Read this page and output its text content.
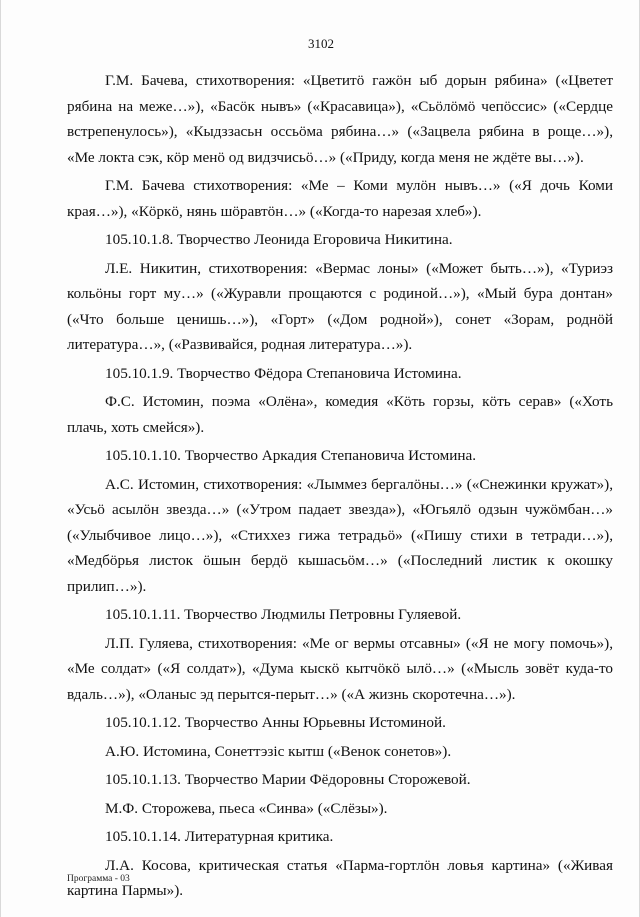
3102

Г.М. Бачева, стихотворения: «Цветитӧ гажӧн ыб дорын рябина» («Цветет рябина на меже…»), «Басӧк нывъ» («Красавица»), «Сьӧлӧмӧ чепӧссис» («Сердце встрепенулось»), «Кыдззасьн оссьӧма рябина…» («Зацвела рябина в роще…»), «Ме локта сэк, кӧр менӧ од видзчисьӧ…» («Приду, когда меня не ждёте вы…»).

Г.М. Бачева стихотворения: «Ме – Коми мулӧн нывъ…» («Я дочь Коми края…»), «Кӧркӧ, нянь шӧравтӧн…» («Когда-то нарезая хлеб»).

105.10.1.8. Творчество Леонида Егоровича Никитина.

Л.Е. Никитин, стихотворения: «Вермас лоны» («Может быть…»), «Туриэз кольӧны горт му…» («Журавли прощаются с родиной…»), «Мый бура донтан» («Что больше ценишь…»), «Горт» («Дом родной»), сонет «Зорам, роднӧй литература…», («Развивайся, родная литература…»).

105.10.1.9. Творчество Фёдора Степановича Истомина.

Ф.С. Истомин, поэма «Олёна», комедия «Кӧть горзы, кӧть серав» («Хоть плачь, хоть смейся»).

105.10.1.10. Творчество Аркадия Степановича Истомина.

А.С. Истомин, стихотворения: «Лыммез бергалӧны…» («Снежинки кружат»), «Усьӧ асылӧн звезда…» («Утром падает звезда»), «Югьялӧ одзын чужӧмбан…» («Улыбчивое лицо…»), «Стиххез гижа тетрадьӧ» («Пишу стихи в тетради…»), «Медбӧрья листок ӧшын бердӧ кышасьӧм…» («Последний листик к окошку прилип…»).

105.10.1.11. Творчество Людмилы Петровны Гуляевой.

Л.П. Гуляева, стихотворения: «Ме ог вермы отсавны» («Я не могу помочь»), «Ме солдат» («Я солдат»), «Дума кыскӧ кытчӧкӧ ылӧ…» («Мысль зовёт куда-то вдаль…»), «Оланыс эд перытся-перыт…» («А жизнь скоротечна…»).

105.10.1.12. Творчество Анны Юрьевны Истоминой.

А.Ю. Истомина, Сонеттэзіс кытш («Венок сонетов»).

105.10.1.13. Творчество Марии Фёдоровны Сторожевой.

М.Ф. Сторожева, пьеса «Синва» («Слёзы»).

105.10.1.14. Литературная критика.

Л.А. Косова, критическая статья «Парма-гортлӧн ловья картина» («Живая картина Пармы»).

Программа - 03
